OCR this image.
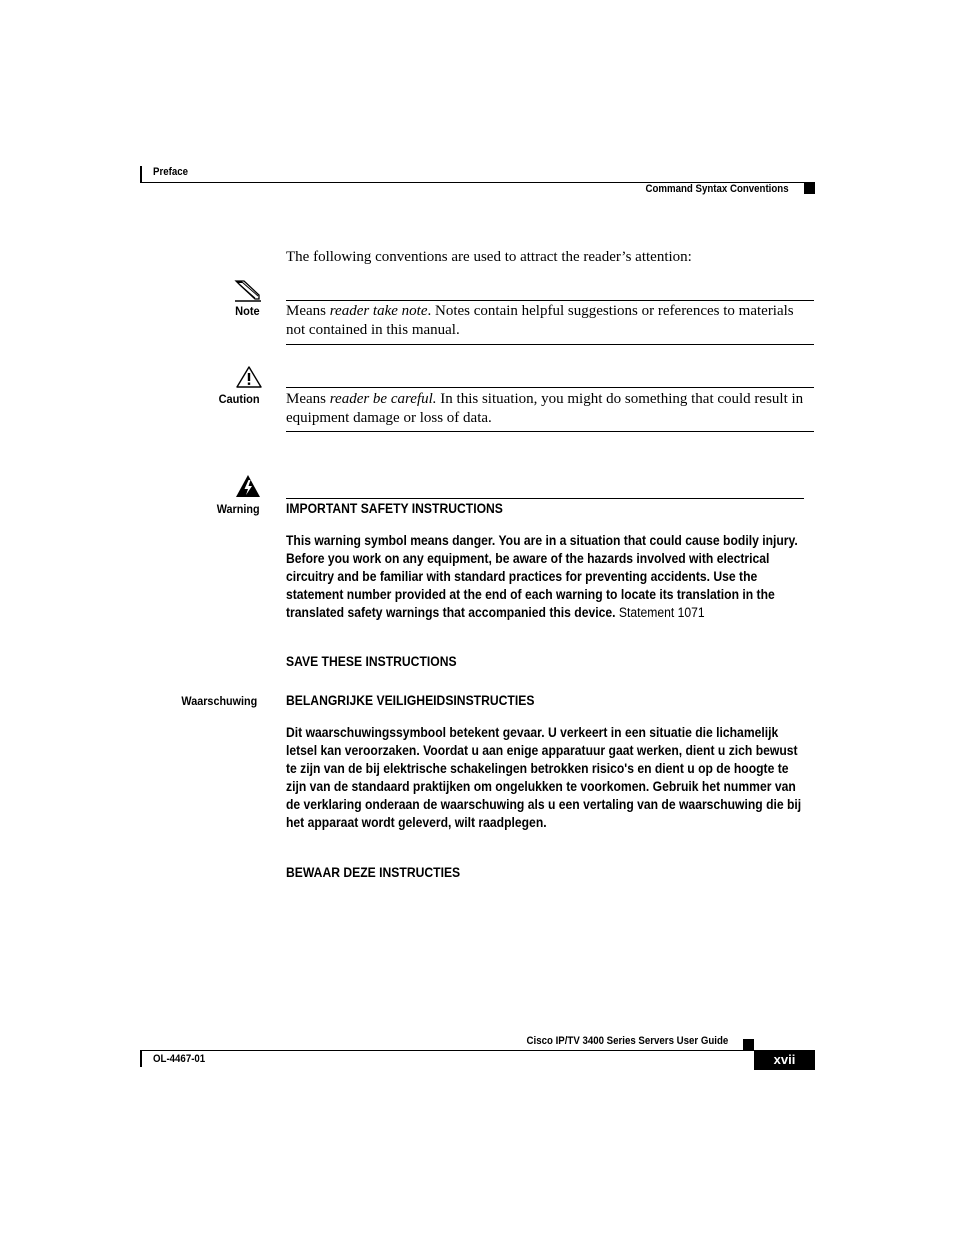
Preface
Command Syntax Conventions
The following conventions are used to attract the reader’s attention:
Note Means reader take note. Notes contain helpful suggestions or references to materials not contained in this manual.
Caution Means reader be careful. In this situation, you might do something that could result in equipment damage or loss of data.
Warning IMPORTANT SAFETY INSTRUCTIONS
This warning symbol means danger. You are in a situation that could cause bodily injury. Before you work on any equipment, be aware of the hazards involved with electrical circuitry and be familiar with standard practices for preventing accidents. Use the statement number provided at the end of each warning to locate its translation in the translated safety warnings that accompanied this device. Statement 1071
SAVE THESE INSTRUCTIONS
Waarschuwing BELANGRIJKE VEILIGHEIDSINSTRUCTIES
Dit waarschuwingssymbool betekent gevaar. U verkeert in een situatie die lichamelijk letsel kan veroorzaken. Voordat u aan enige apparatuur gaat werken, dient u zich bewust te zijn van de bij elektrische schakelingen betrokken risico's en dient u op de hoogte te zijn van de standaard praktijken om ongelukken te voorkomen. Gebruik het nummer van de verklaring onderaan de waarschuwing als u een vertaling van de waarschuwing die bij het apparaat wordt geleverd, wilt raadplegen.
BEWAAR DEZE INSTRUCTIES
Cisco IP/TV 3400 Series Servers User Guide
OL-4467-01	xvii
